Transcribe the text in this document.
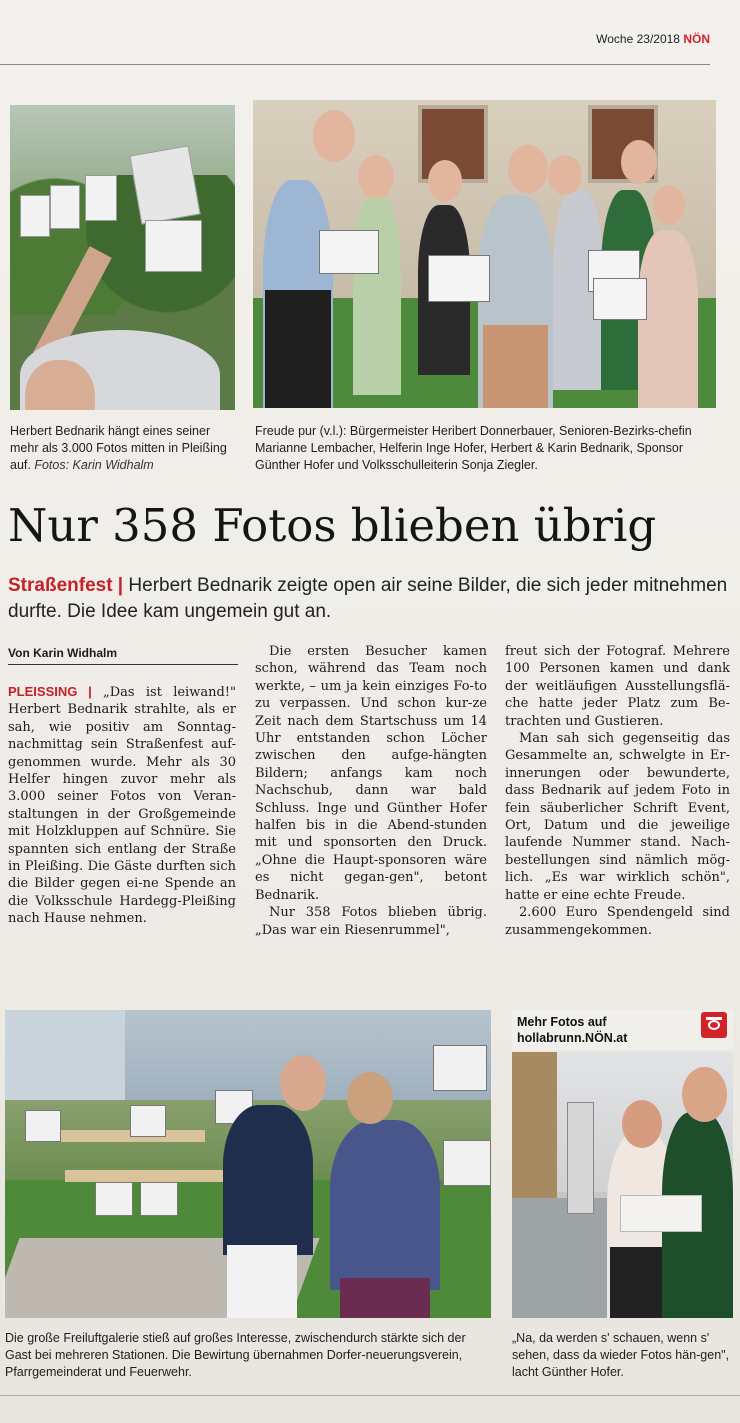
Woche 23/2018 NÖN
Herbert Bednarik hängt eines seiner mehr als 3.000 Fotos mitten in Pleißing auf. Fotos: Karin Widhalm
Freude pur (v.l.): Bürgermeister Heribert Donnerbauer, Senioren-Bezirks-chefin Marianne Lembacher, Helferin Inge Hofer, Herbert & Karin Bednarik, Sponsor Günther Hofer und Volksschulleiterin Sonja Ziegler.
Nur 358 Fotos blieben übrig
Straßenfest | Herbert Bednarik zeigte open air seine Bilder, die sich jeder mitnehmen durfte. Die Idee kam ungemein gut an.
Von Karin Widhalm

PLEISSING | „Das ist leiwand!" Herbert Bednarik strahlte, als er sah, wie positiv am Sonntag-nachmittag sein Straßenfest auf-genommen wurde. Mehr als 30 Helfer hingen zuvor mehr als 3.000 seiner Fotos von Veran-staltungen in der Großgemeinde mit Holzkluppen auf Schnüre. Sie spannten sich entlang der Straße in Pleißing. Die Gäste durften sich die Bilder gegen ei-ne Spende an die Volksschule Hardegg-Pleißing nach Hause nehmen.

Die ersten Besucher kamen schon, während das Team noch werkte, – um ja kein einziges Fo-to zu verpassen. Und schon kur-ze Zeit nach dem Startschuss um 14 Uhr entstanden schon Löcher zwischen den aufge-hängten Bildern; anfangs kam noch Nachschub, dann war bald Schluss. Inge und Günther Hofer halfen bis in die Abend-stunden mit und sponsorten den Druck. „Ohne die Haupt-sponsoren wäre es nicht gegan-gen", betont Bednarik.

Nur 358 Fotos blieben übrig. „Das war ein Riesenrummel",

freut sich der Fotograf. Mehrere 100 Personen kamen und dank der weitläufigen Ausstellungsflä-che hatte jeder Platz zum Be-trachten und Gustieren.

Man sah sich gegenseitig das Gesammelte an, schwelgte in Er-innerungen oder bewunderte, dass Bednarik auf jedem Foto in fein säuberlicher Schrift Event, Ort, Datum und die jeweilige laufende Nummer stand. Nach-bestellungen sind nämlich mög-lich. „Es war wirklich schön", hatte er eine echte Freude.

2.600 Euro Spendengeld sind zusammengekommen.

Die große Freiluftgalerie stieß auf großes Interesse, zwischendurch stärkte sich der Gast bei mehreren Stationen. Die Bewirtung übernahmen Dorfer-neuerungsverein, Pfarrgemeinderat und Feuerwehr.
Mehr Fotos auf
hollabrunn.NÖN.at
„Na, da werden s' schauen, wenn s' sehen, dass da wieder Fotos hän-gen", lacht Günther Hofer.
